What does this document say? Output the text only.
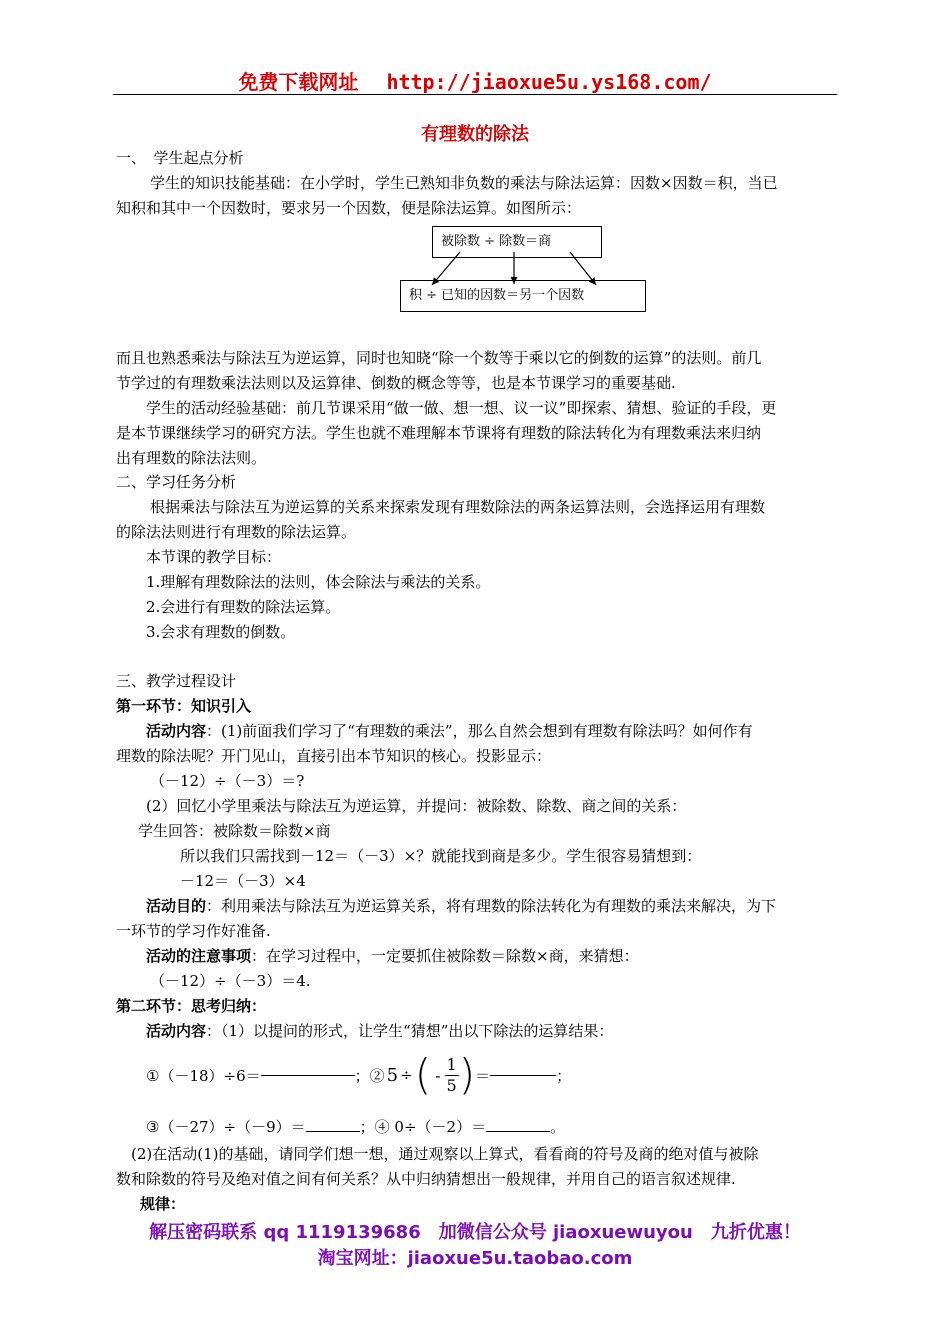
免费下载网址 http://jiaoxue5u.ys168.com/
有理数的除法
一、　学生起点分析
学生的知识技能基础：在小学时，学生已熟知非负数的乘法与除法运算：因数×因数＝积，当已
知积和其中一个因数时，要求另一个因数，便是除法运算。如图所示：
被除数 ÷ 除数＝商
积 ÷ 已知的因数＝另一个因数
而且也熟悉乘法与除法互为逆运算，同时也知晓“除一个数等于乘以它的倒数的运算”的法则。前几
节学过的有理数乘法法则以及运算律、倒数的概念等等，也是本节课学习的重要基础.
学生的活动经验基础：前几节课采用“做一做、想一想、议一议”即探索、猜想、验证的手段，更
是本节课继续学习的研究方法。学生也就不难理解本节课将有理数的除法转化为有理数乘法来归纳
出有理数的除法法则。
二、学习任务分析
根据乘法与除法互为逆运算的关系来探索发现有理数除法的两条运算法则，会选择运用有理数
的除法法则进行有理数的除法运算。
本节课的教学目标：
1.理解有理数除法的法则，体会除法与乘法的关系。
2.会进行有理数的除法运算。
3.会求有理数的倒数。
三、教学过程设计
第一环节：知识引入
活动内容：(1)前面我们学习了“有理数的乘法”，那么自然会想到有理数有除法吗？如何作有
理数的除法呢？开门见山，直接引出本节知识的核心。投影显示：
（－12）÷（－3）＝?
(2）回忆小学里乘法与除法互为逆运算，并提问：被除数、除数、商之间的关系：
学生回答：被除数＝除数×商
所以我们只需找到－12＝（－3）×？就能找到商是多少。学生很容易猜想到：
－12＝（－3）×4
活动目的：利用乘法与除法互为逆运算关系，将有理数的除法转化为有理数的乘法来解决，为下
一环节的学习作好准备.
活动的注意事项：在学习过程中，一定要抓住被除数＝除数×商，来猜想：
（－12）÷（－3）＝4.
第二环节：思考归纳：
活动内容：（1）以提问的形式，让学生“猜想”出以下除法的运算结果：
①（－18）÷6＝	；② 5 ÷ ( - $\frac{1}{5}$ ) ＝	；
③（－27）÷（－9）＝	；④ 0÷（－2）＝	。
(2)在活动(1)的基础，请同学们想一想，通过观察以上算式，看看商的符号及商的绝对值与被除
数和除数的符号及绝对值之间有何关系？从中归纳猜想出一般规律，并用自己的语言叙述规律.
规律：
解压密码联系 qq 1119139686　加微信公众号 jiaoxuewuyou　九折优惠！
淘宝网址：jiaoxue5u.taobao.com
